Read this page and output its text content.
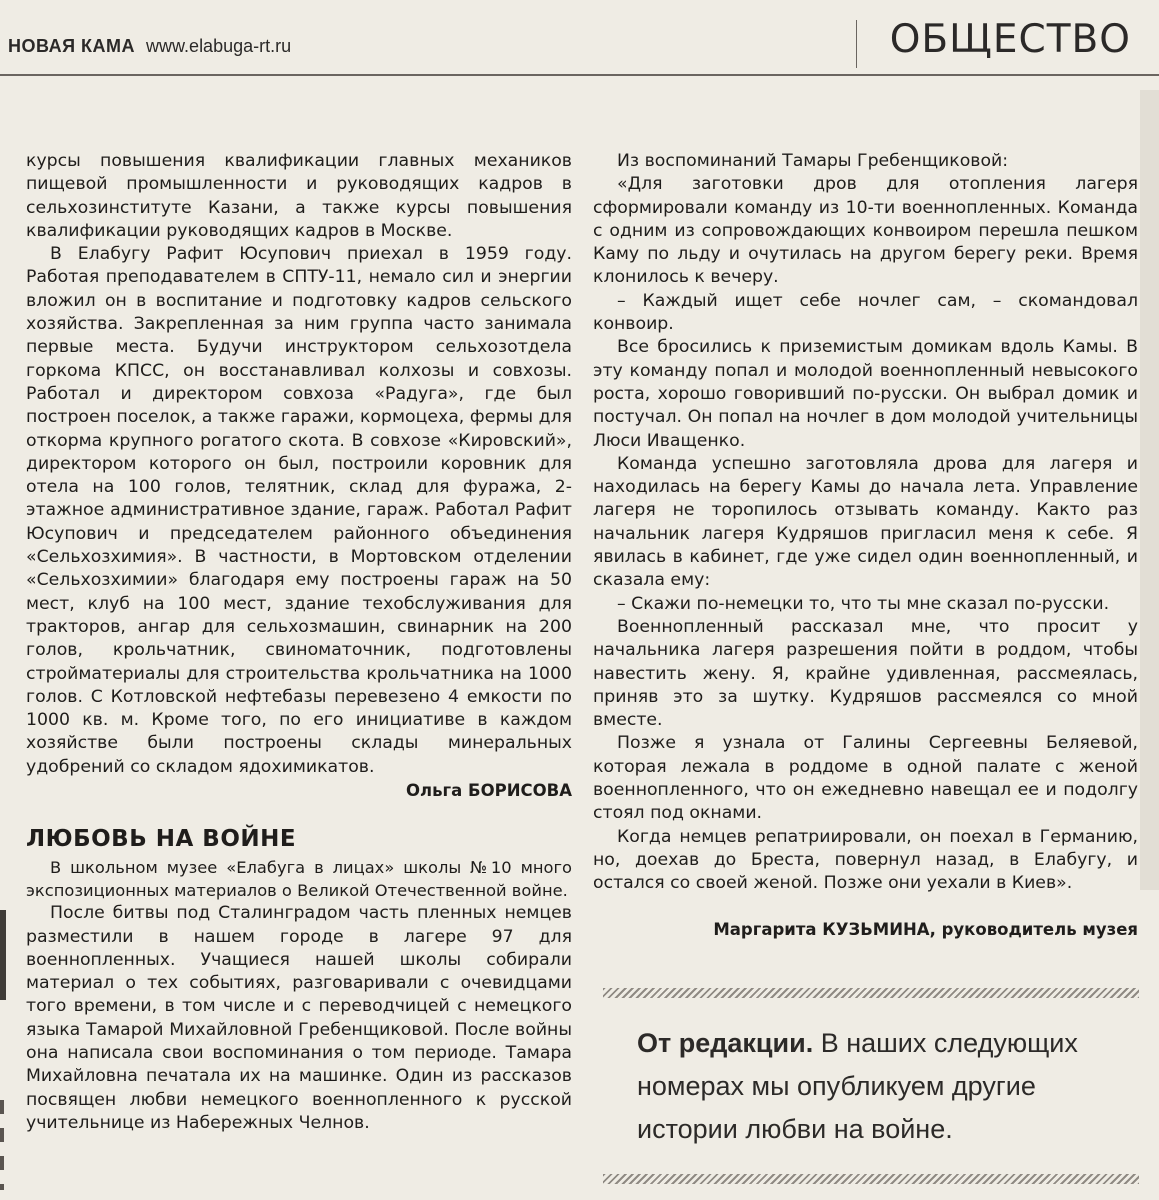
НОВАЯ КАМА www.elabuga-rt.ru	ОБЩЕСТВО

курсы повышения квалификации главных механиков пищевой промышленности и руководящих кадров в сельхозинституте Казани, а также курсы повышения квалификации руководящих кадров в Москве.

В Елабугу Рафит Юсупович приехал в 1959 году. Работая преподавателем в СПТУ-11, немало сил и энергии вложил он в воспитание и подготовку кадров сельского хозяйства. Закрепленная за ним группа часто занимала первые места. Будучи инструктором сельхозотдела горкома КПСС, он восстанавливал колхозы и совхозы. Работал и директором совхоза «Радуга», где был построен поселок, а также гаражи, кормоцеха, фермы для откорма крупного рогатого скота. В совхозе «Кировский», директором которого он был, построили коровник для отела на 100 голов, телятник, склад для фуража, 2-этажное административное здание, гараж. Работал Рафит Юсупович и председателем районного объединения «Сельхозхимия». В частности, в Мортовском отделении «Сельхозхимии» благодаря ему построены гараж на 50 мест, клуб на 100 мест, здание техобслуживания для тракторов, ангар для сельхозмашин, свинарник на 200 голов, крольчатник, свиноматочник, подготовлены стройматериалы для строительства крольчатника на 1000 голов. С Котловской нефтебазы перевезено 4 емкости по 1000 кв. м. Кроме того, по его инициативе в каждом хозяйстве были построены склады минеральных удобрений со складом ядохимикатов.

Ольга БОРИСОВА
ЛЮБОВЬ НА ВОЙНЕ

В школьном музее «Елабуга в лицах» школы №10 много экспозиционных материалов о Великой Отечественной войне.

После битвы под Сталинградом часть пленных немцев разместили в нашем городе в лагере 97 для военнопленных. Учащиеся нашей школы собирали материал о тех событиях, разговаривали с очевидцами того времени, в том числе и с переводчицей с немецкого языка Тамарой Михайловной Гребенщиковой. После войны она написала свои воспоминания о том периоде. Тамара Михайловна печатала их на машинке. Один из рассказов посвящен любви немецкого военнопленного к русской учительнице из Набережных Челнов.

Из воспоминаний Тамары Гребенщиковой:

«Для заготовки дров для отопления лагеря сформировали команду из 10-ти военнопленных. Команда с одним из сопровождающих конвоиром перешла пешком Каму по льду и очутилась на другом берегу реки. Время клонилось к вечеру.

– Каждый ищет себе ночлег сам, – скомандовал конвоир.

Все бросились к приземистым домикам вдоль Камы. В эту команду попал и молодой военнопленный невысокого роста, хорошо говоривший по-русски. Он выбрал домик и постучал. Он попал на ночлег в дом молодой учительницы Люси Иващенко.

Команда успешно заготовляла дрова для лагеря и находилась на берегу Камы до начала лета. Управление лагеря не торопилось отзывать команду. Както раз начальник лагеря Кудряшов пригласил меня к себе. Я явилась в кабинет, где уже сидел один военнопленный, и сказала ему:

– Скажи по-немецки то, что ты мне сказал по-русски.

Военнопленный рассказал мне, что просит у начальника лагеря разрешения пойти в роддом, чтобы навестить жену. Я, крайне удивленная, рассмеялась, приняв это за шутку. Кудряшов рассмеялся со мной вместе.

Позже я узнала от Галины Сергеевны Беляевой, которая лежала в роддоме в одной палате с женой военнопленного, что он ежедневно навещал ее и подолгу стоял под окнами.

Когда немцев репатриировали, он поехал в Германию, но, доехав до Бреста, повернул назад, в Елабугу, и остался со своей женой. Позже они уехали в Киев».

Маргарита КУЗЬМИНА, руководитель музея
От редакции. В наших следующих номерах мы опубликуем другие истории любви на войне.
